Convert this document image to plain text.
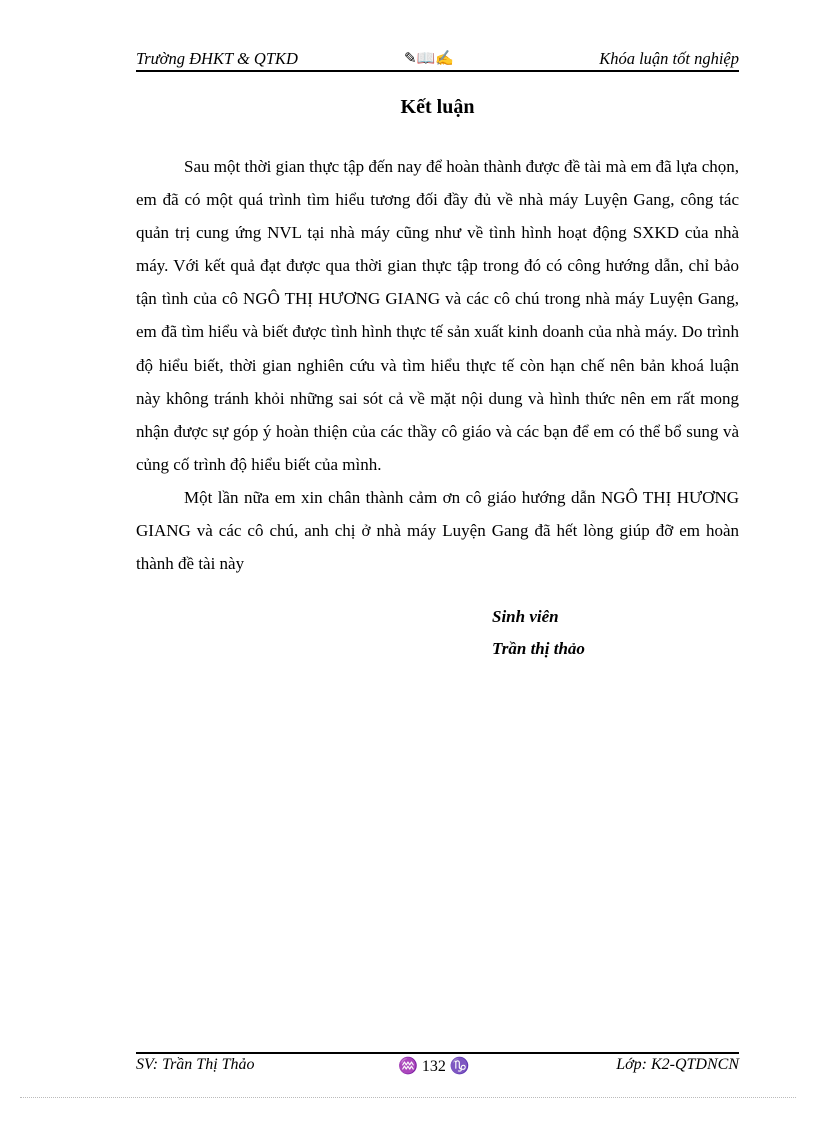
Trường ĐHKT & QTKD	✎📖✍	Khóa luận tốt nghiệp
Kết luận

Sau một thời gian thực tập đến nay để hoàn thành được đề tài mà em đã lựa chọn, em đã có một quá trình tìm hiểu tương đối đầy đủ về nhà máy Luyện Gang, công tác quản trị cung ứng NVL tại nhà máy cũng như về tình hình hoạt động SXKD của nhà máy. Với kết quả đạt được qua thời gian thực tập trong đó có công hướng dẫn, chỉ bảo tận tình của cô NGÔ THỊ HƯƠNG GIANG và các cô chú trong nhà máy Luyện Gang, em đã tìm hiểu và biết được tình hình thực tế sản xuất kinh doanh của nhà máy. Do trình độ hiểu biết, thời gian nghiên cứu và tìm hiểu thực tế còn hạn chế nên bản khoá luận này không tránh khỏi những sai sót cả về mặt nội dung và hình thức nên em rất mong nhận được sự góp ý hoàn thiện của các thầy cô giáo và các bạn để em có thể bổ sung và củng cố trình độ hiểu biết của mình.

Một lần nữa em xin chân thành cảm ơn cô giáo hướng dẫn NGÔ THỊ HƯƠNG GIANG và các cô chú, anh chị ở nhà máy Luyện Gang đã hết lòng giúp đỡ em hoàn thành đề tài này

Sinh viên
Trần thị thảo
SV: Trần Thị Thảo	♒ 132 ♑	Lớp: K2-QTDNCN
